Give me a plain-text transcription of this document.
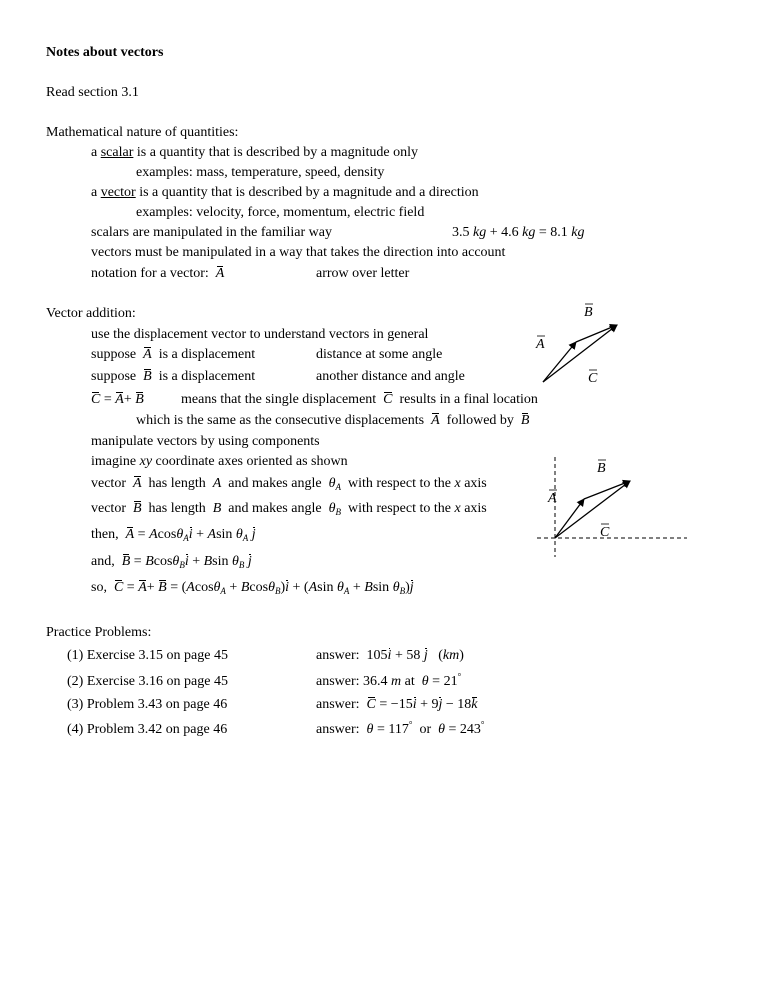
Notes about vectors
Read section 3.1
Mathematical nature of quantities:
a scalar is a quantity that is described by a magnitude only
examples: mass, temperature, speed, density
a vector is a quantity that is described by a magnitude and a direction
examples: velocity, force, momentum, electric field
scalars are manipulated in the familiar way	3.5 kg + 4.6 kg = 8.1 kg
vectors must be manipulated in a way that takes the direction into account
notation for a vector: A	arrow over letter
Vector addition:
use the displacement vector to understand vectors in general
suppose A is a displacement	distance at some angle
suppose B is a displacement	another distance and angle
C = A+ B	means that the single displacement C results in a final location
which is the same as the consecutive displacements A followed by B
manipulate vectors by using components
imagine xy coordinate axes oriented as shown
vector A has length A and makes angle $\theta_A$ with respect to the x axis
vector B has length B and makes angle $\theta_B$ with respect to the x axis
then, A = Acosθ$_A$i + Asin $\theta_A$ j
and, B = Bcosθ$_B$i + Bsin $\theta_B$ j
so, C = A+ B = (Acosθ$_A$ + Bcosθ$_B$)i + (Asin $\theta_A + Bsin$ $\theta_B)j$
Practice Problems:
(1) Exercise 3.15 on page 45	answer: 105i + 58 j   (km)
(2) Exercise 3.16 on page 45	answer: 36.4 m at θ = 21°
(3) Problem 3.43 on page 46	answer: C = −15i + 9j − 18k
(4) Problem 3.42 on page 46	answer: θ = 117° or θ = 243°
B
A
C
B
A
C
